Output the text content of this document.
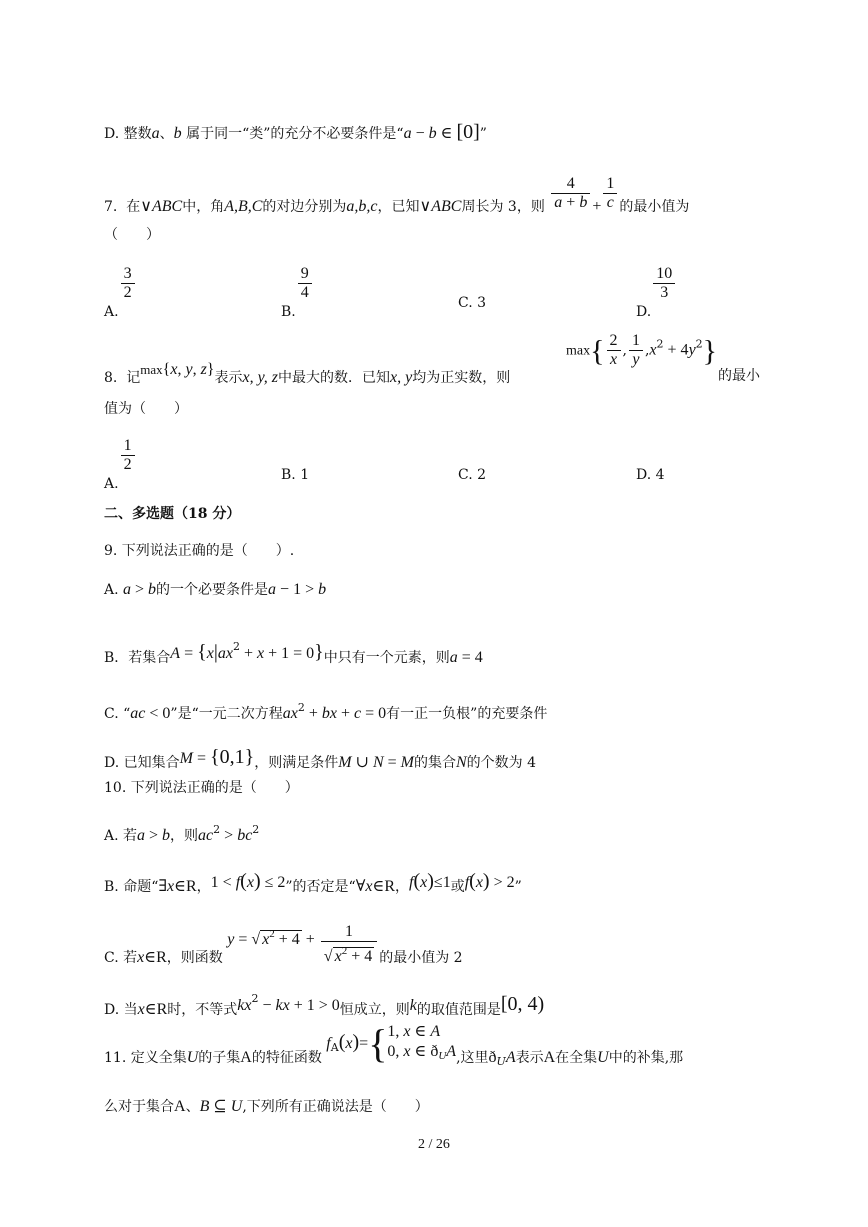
D. 整数a、b 属于同一“类”的充分不必要条件是“a − b ∈ [0]”
7. 在∨ABC中，角A,B,C的对边分别为a,b,c，已知∨ABC周长为 3，则 $\frac{4}{a + b} + \frac{1}{c}$ 的最小值为
（　　）
A.
$\frac{3}{2}$
B.
$\frac{9}{4}$
C. 3
D.
$\frac{10}{3}$
8. 记max{x, y, z}表示x, y, z中最大的数．已知x, y均为正实数，则
$\max\{ \frac{2}{x}$ , $\frac{1}{y} ,x^2 + 4y^2$}
的最小
值为（　　）
A.
$\frac{1}{2}$
B. 1	C. 2	D. 4
二、多选题（18 分）
9. 下列说法正确的是（　　）.
A. a > b的一个必要条件是a − 1 > b
B．若集合$A = \{x|ax^2 + x + 1 = 0\}$中只有一个元素，则a = 4
C. “ac < 0”是“一元二次方程$ax^2$ + bx + c = 0有一正一负根”的充要条件
D. 已知集合M = {0,1}，则满足条件M ∪ N = M的集合N的个数为 4
10. 下列说法正确的是（　　）
A. 若a > b，则$ac^2 > bc^2$
B. 命题“∃x∈R，1 < f(x) ≤ 2”的否定是“∀x∈R，f(x)≤1或f(x) > 2”
C. 若x∈R，则函数 y = √ $x^2 + 4 + \frac{1}{√ x^2 + 4}$ 的最小值为 2
D. 当x∈R时，不等式$kx^2$ − kx + 1 > 0恒成立，则k的取值范围是[0, 4)
11. 定义全集U的子集A的特征函数 $f_A(x)=${ 1, x ∈ A
0, x ∈ $ð_UA$ ,这里$ð_UA$表示A在全集U中的补集,那
么对于集合A、B ⊆ U,下列所有正确说法是（　　）
2 / 26
